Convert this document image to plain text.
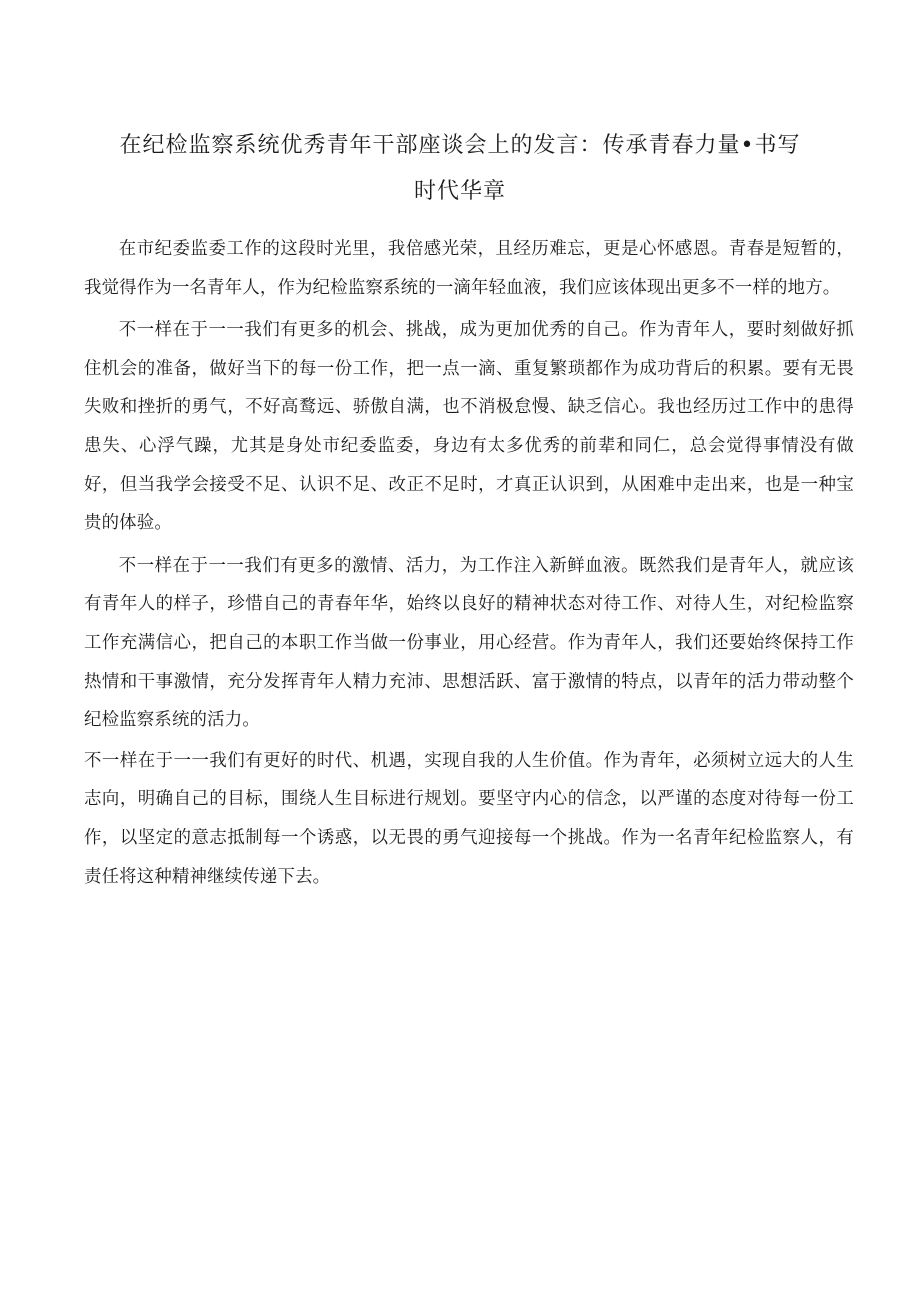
在纪检监察系统优秀青年干部座谈会上的发言：传承青春力量•书写
时代华章

在市纪委监委工作的这段时光里，我倍感光荣，且经历难忘，更是心怀感恩。青春是短暂的，我觉得作为一名青年人，作为纪检监察系统的一滴年轻血液，我们应该体现出更多不一样的地方。

不一样在于一一我们有更多的机会、挑战，成为更加优秀的自己。作为青年人，要时刻做好抓住机会的准备，做好当下的每一份工作，把一点一滴、重复繁琐都作为成功背后的积累。要有无畏失败和挫折的勇气，不好高鹜远、骄傲自满，也不消极怠慢、缺乏信心。我也经历过工作中的患得患失、心浮气躁，尤其是身处市纪委监委，身边有太多优秀的前辈和同仁，总会觉得事情没有做好，但当我学会接受不足、认识不足、改正不足时，才真正认识到，从困难中走出来，也是一种宝贵的体验。

不一样在于一一我们有更多的激情、活力，为工作注入新鲜血液。既然我们是青年人，就应该有青年人的样子，珍惜自己的青春年华，始终以良好的精神状态对待工作、对待人生，对纪检监察工作充满信心，把自己的本职工作当做一份事业，用心经营。作为青年人，我们还要始终保持工作热情和干事激情，充分发挥青年人精力充沛、思想活跃、富于激情的特点，以青年的活力带动整个纪检监察系统的活力。

不一样在于一一我们有更好的时代、机遇，实现自我的人生价值。作为青年，必须树立远大的人生志向，明确自己的目标，围绕人生目标进行规划。要坚守内心的信念，以严谨的态度对待每一份工作，以坚定的意志抵制每一个诱惑，以无畏的勇气迎接每一个挑战。作为一名青年纪检监察人，有责任将这种精神继续传递下去。
